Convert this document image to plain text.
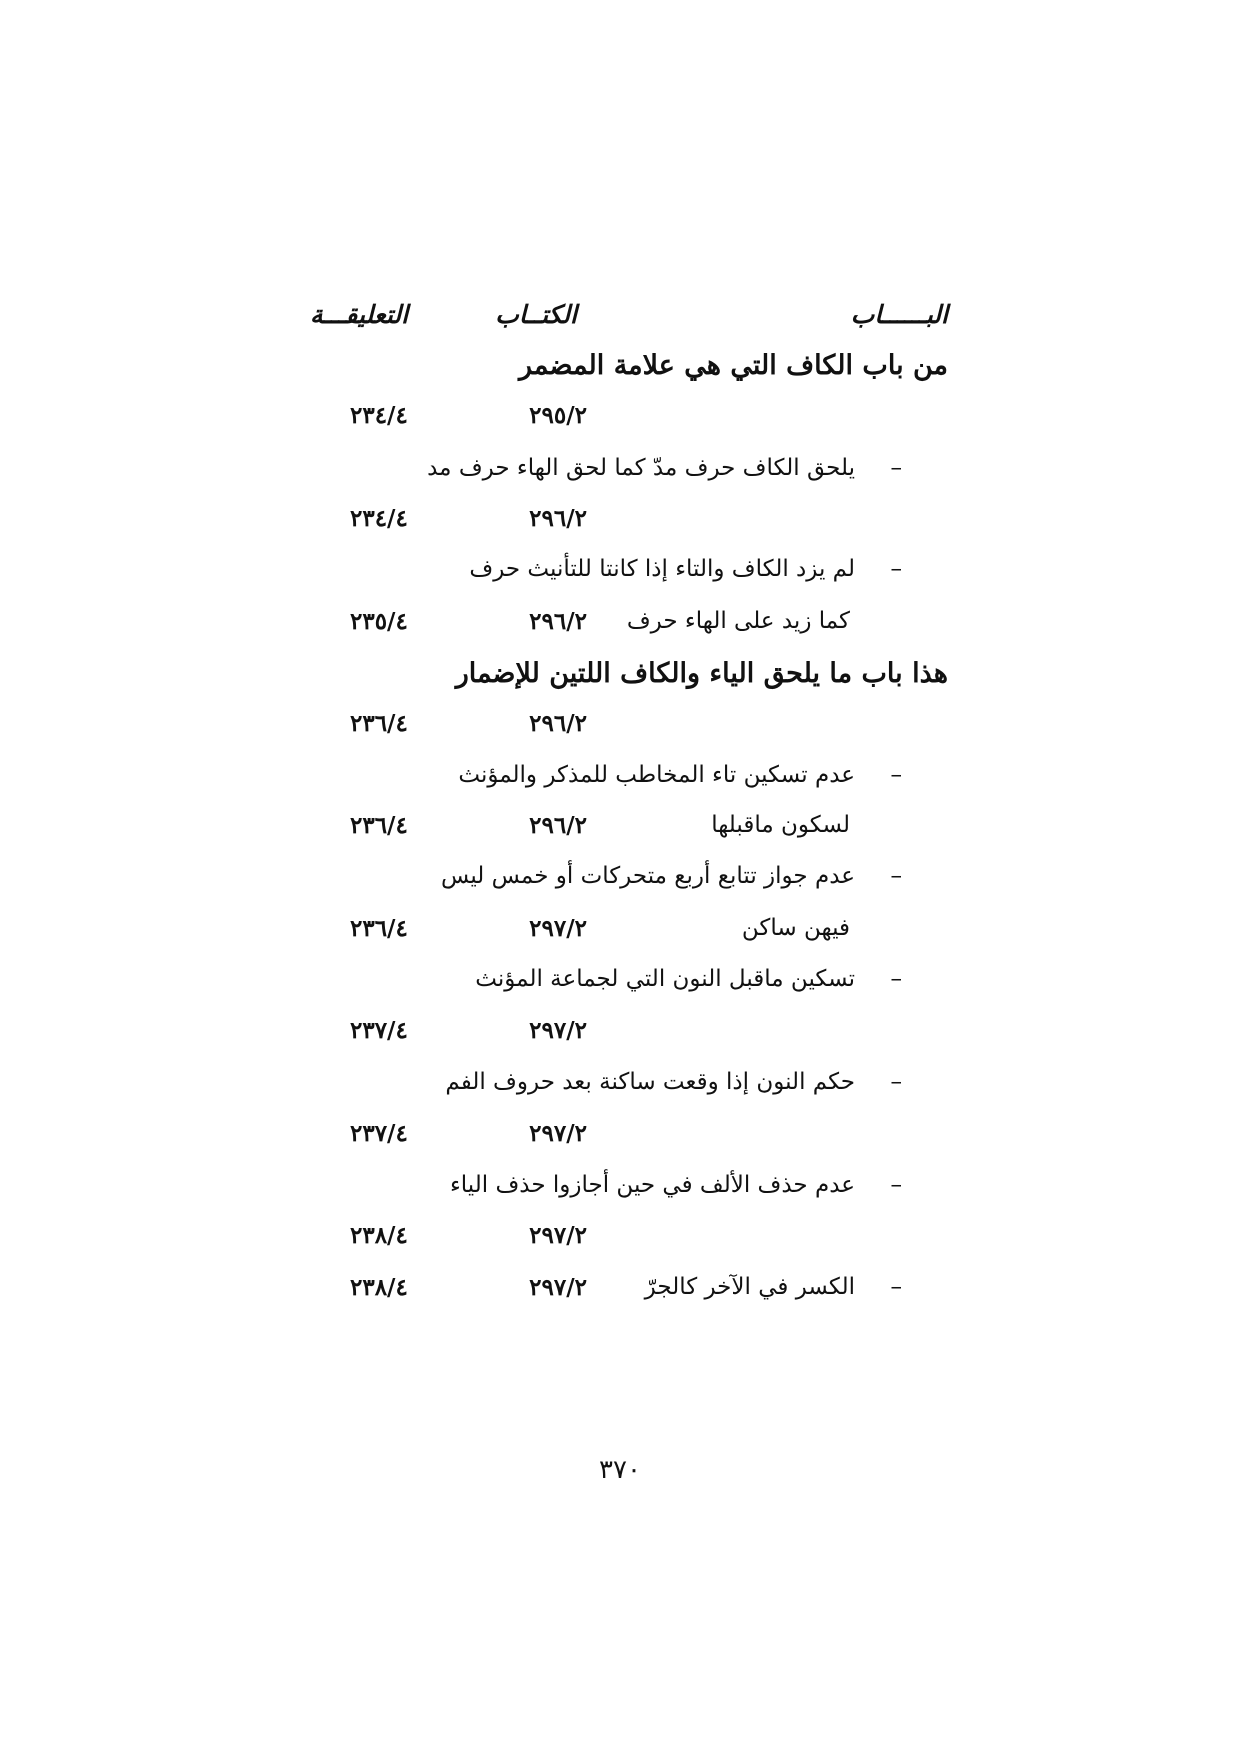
البــــــاب
الكتــاب
التعليقـــة
من باب الكاف التي هي علامة المضمر
٢٩٥/٢
٢٣٤/٤
–
يلحق الكاف حرف مدّ كما لحق الهاء حرف مد
٢٩٦/٢
٢٣٤/٤
–
لم يزد الكاف والتاء إذا كانتا للتأنيث حرف
كما زيد على الهاء حرف
٢٩٦/٢
٢٣٥/٤
هذا باب ما يلحق الياء والكاف اللتين للإضمار
٢٩٦/٢
٢٣٦/٤
–
عدم تسكين تاء المخاطب للمذكر والمؤنث
لسكون ماقبلها
٢٩٦/٢
٢٣٦/٤
–
عدم جواز تتابع أربع متحركات أو خمس ليس
فيهن ساكن
٢٩٧/٢
٢٣٦/٤
–
تسكين ماقبل النون التي لجماعة المؤنث
٢٩٧/٢
٢٣٧/٤
–
حكم النون إذا وقعت ساكنة بعد حروف الفم
٢٩٧/٢
٢٣٧/٤
–
عدم حذف الألف في حين أجازوا حذف الياء
٢٩٧/٢
٢٣٨/٤
–
الكسر في الآخر كالجرّ
٢٩٧/٢
٢٣٨/٤
٣٧٠
